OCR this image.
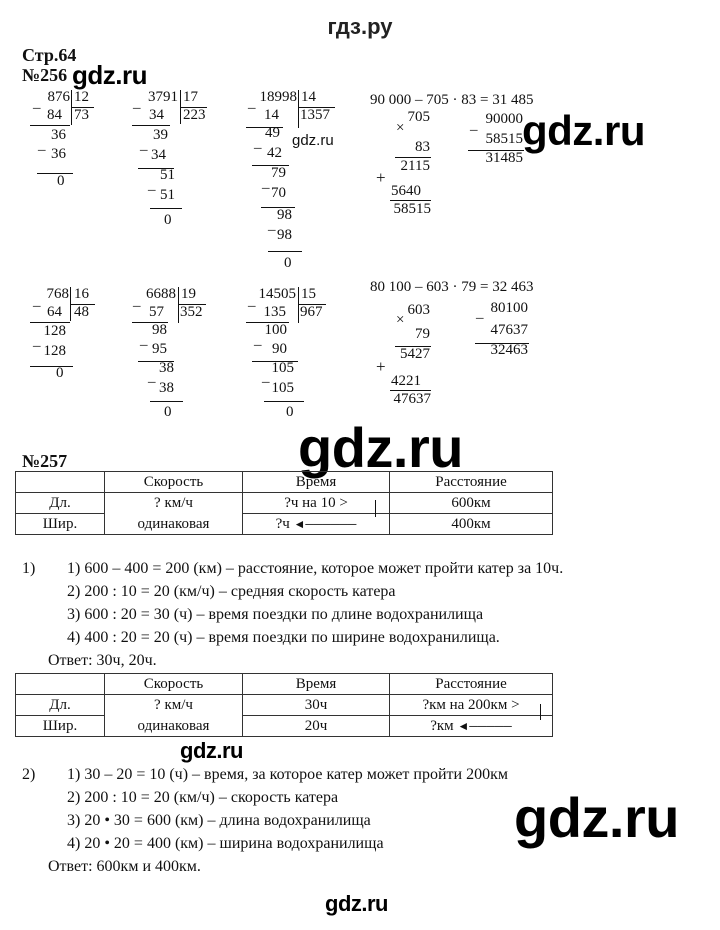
гдз.ру
Стр.64
№256 gdz.ru
_ 876 12
73
84
_
36
36
0
_ 3791 17
223
34
_
39
34
_
51
51
0
_ 18998 14
1357
14
_
49
42
_
79
70
_
98
98
0
gdz.ru
90 000 – 705 · 83 = 31 485
×
705
83
2115
+
5640
58515
–
90000
58515
31485
gdz.ru
_ 768 16
48
64
_
128
128
0
_ 6688 19
352
57
_
98
95
_
38
38
0
_ 14505 15
967
135
_
100
90
_
105
105
0
80 100 – 603 · 79 = 32 463
×
603
79
5427
+
4221
47637
–
80100
47637
32463
gdz.ru
№257
	Скорость	Время	Расстояние
Дл.	? км/ч	?ч на 10 >	600км
Шир.	одинаковая	?ч ◄──────	400км
1) 1) 600 – 400 = 200 (км) – расстояние, которое может пройти катер за 10ч.
2) 200 : 10 = 20 (км/ч) – средняя скорость катера
3) 600 : 20 = 30 (ч) – время поездки по длине водохранилища
4) 400 : 20 = 20 (ч) – время поездки по ширине водохранилища.
Ответ: 30ч, 20ч.
	Скорость	Время	Расстояние
Дл.	? км/ч	30ч	?км на 200км >
Шир.	одинаковая	20ч	?км ◄─────
gdz.ru
2) 1) 30 – 20 = 10 (ч) – время, за которое катер может пройти 200км
2) 200 : 10 = 20 (км/ч) – скорость катера
3) 20 • 30 = 600 (км) – длина водохранилища
4) 20 • 20 = 400 (км) – ширина водохранилища
Ответ: 600км и 400км.
gdz.ru
gdz.ru
